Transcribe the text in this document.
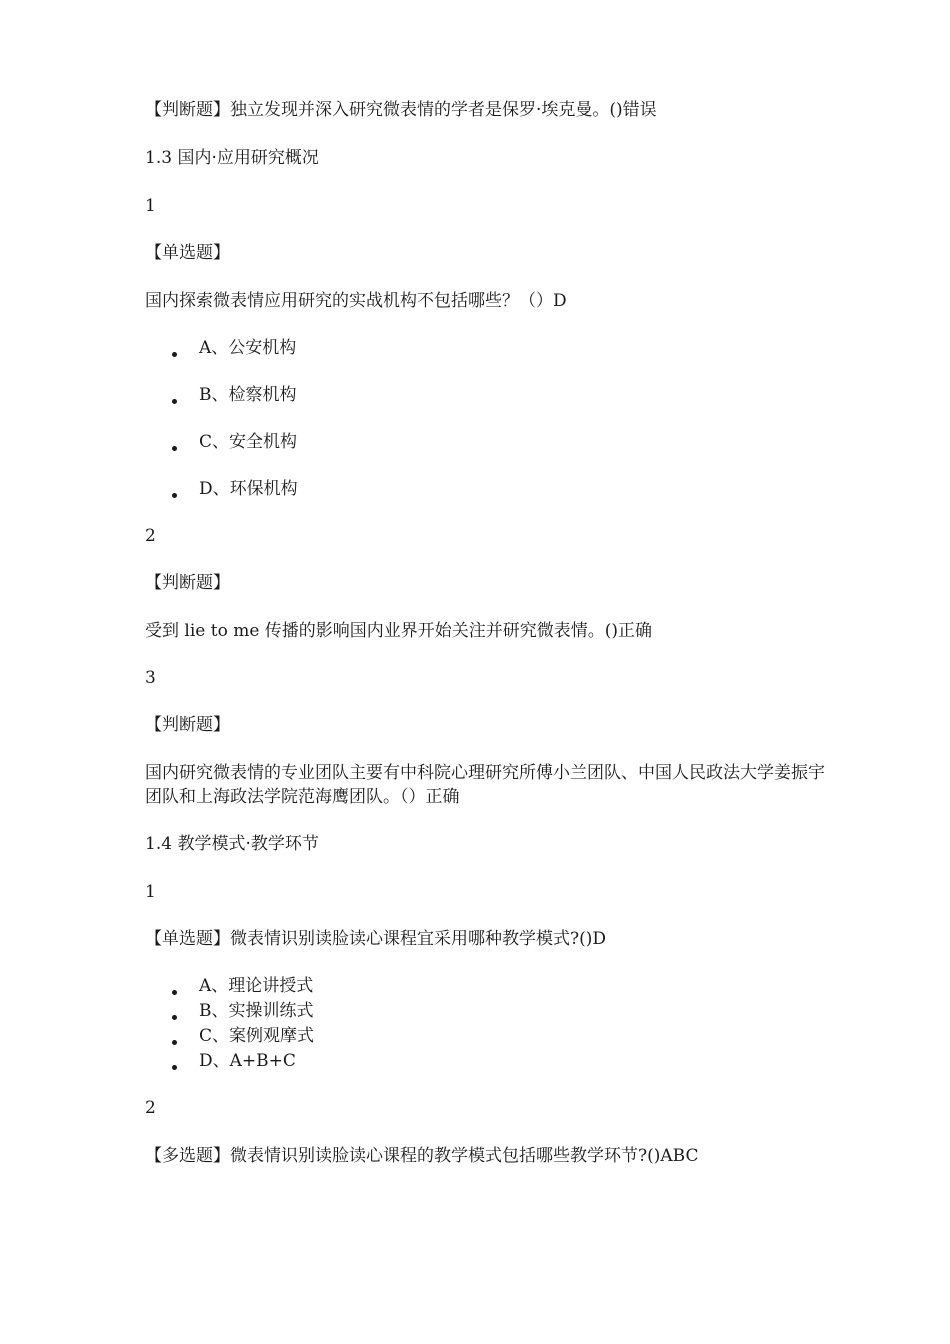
【判断题】独立发现并深入研究微表情的学者是保罗·埃克曼。()错误
1.3 国内·应用研究概况
1
【单选题】
国内探索微表情应用研究的实战机构不包括哪些？（）D
A、公安机构
B、检察机构
C、安全机构
D、环保机构
2
【判断题】
受到 lie to me 传播的影响国内业界开始关注并研究微表情。()正确
3
【判断题】
国内研究微表情的专业团队主要有中科院心理研究所傅小兰团队、中国人民政法大学姜振宇团队和上海政法学院范海鹰团队。（）正确
1.4 教学模式·教学环节
1
【单选题】微表情识别读脸读心课程宜采用哪种教学模式?()D
A、理论讲授式
B、实操训练式
C、案例观摩式
D、A+B+C
2
【多选题】微表情识别读脸读心课程的教学模式包括哪些教学环节?()ABC
